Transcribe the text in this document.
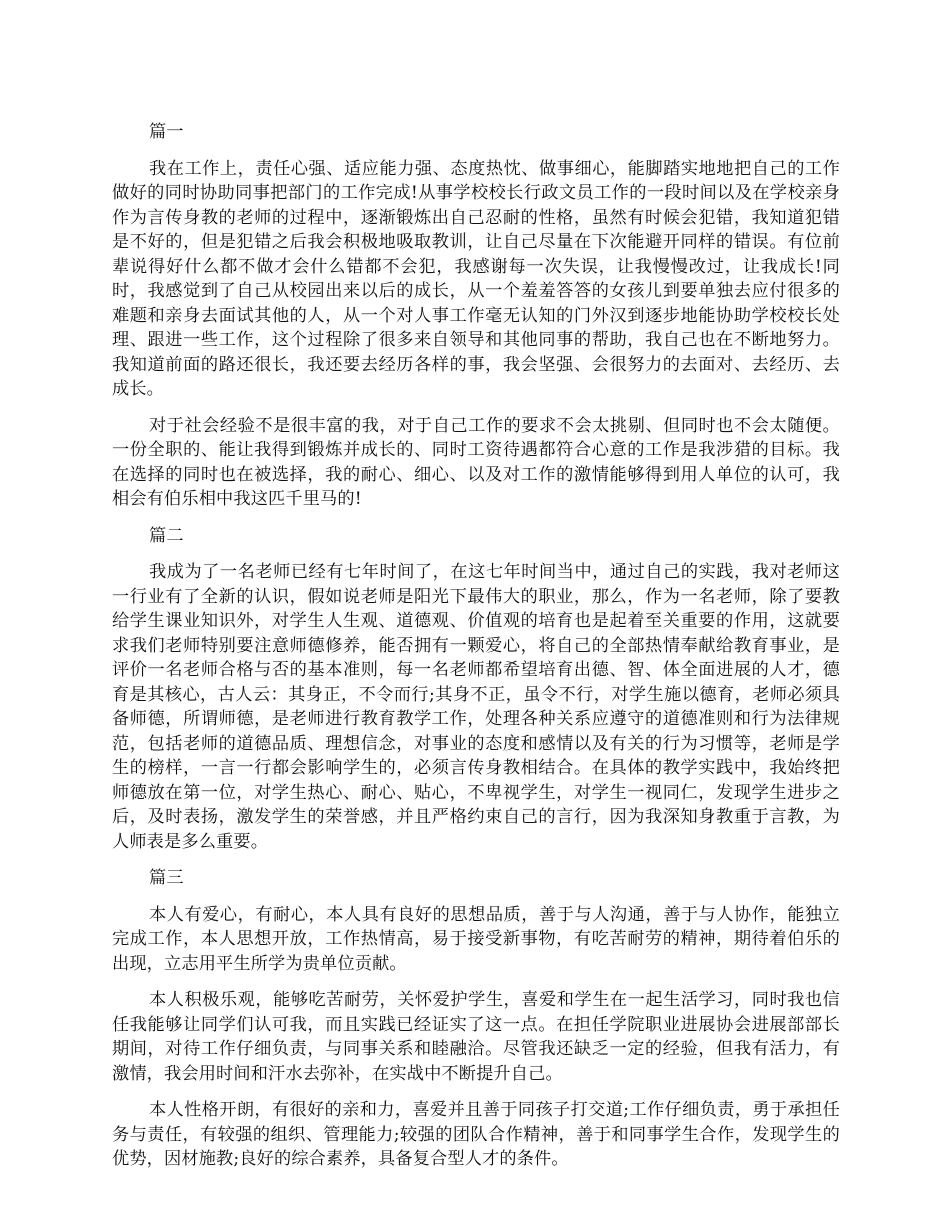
篇一

我在工作上，责任心强、适应能力强、态度热忱、做事细心，能脚踏实地地把自己的工作做好的同时协助同事把部门的工作完成!从事学校校长行政文员工作的一段时间以及在学校亲身作为言传身教的老师的过程中，逐渐锻炼出自己忍耐的性格，虽然有时候会犯错，我知道犯错是不好的，但是犯错之后我会积极地吸取教训，让自己尽量在下次能避开同样的错误。有位前辈说得好什么都不做才会什么错都不会犯，我感谢每一次失误，让我慢慢改过，让我成长!同时，我感觉到了自己从校园出来以后的成长，从一个羞羞答答的女孩儿到要单独去应付很多的难题和亲身去面试其他的人，从一个对人事工作毫无认知的门外汉到逐步地能协助学校校长处理、跟进一些工作，这个过程除了很多来自领导和其他同事的帮助，我自己也在不断地努力。 我知道前面的路还很长，我还要去经历各样的事，我会坚强、会很努力的去面对、去经历、去成长。

对于社会经验不是很丰富的我，对于自己工作的要求不会太挑剔、但同时也不会太随便。一份全职的、能让我得到锻炼并成长的、同时工资待遇都符合心意的工作是我涉猎的目标。我在选择的同时也在被选择，我的耐心、细心、以及对工作的激情能够得到用人单位的认可，我相会有伯乐相中我这匹千里马的!

篇二

我成为了一名老师已经有七年时间了，在这七年时间当中，通过自己的实践，我对老师这一行业有了全新的认识，假如说老师是阳光下最伟大的职业，那么，作为一名老师，除了要教给学生课业知识外，对学生人生观、道德观、价值观的培育也是起着至关重要的作用，这就要求我们老师特别要注意师德修养，能否拥有一颗爱心，将自己的全部热情奉献给教育事业，是评价一名老师合格与否的基本准则，每一名老师都希望培育出德、智、体全面进展的人才，德育是其核心，古人云：其身正，不令而行;其身不正，虽令不行，对学生施以德育，老师必须具备师德，所谓师德，是老师进行教育教学工作，处理各种关系应遵守的道德准则和行为法律规范，包括老师的道德品质、理想信念，对事业的态度和感情以及有关的行为习惯等，老师是学生的榜样，一言一行都会影响学生的，必须言传身教相结合。在具体的教学实践中，我始终把师德放在第一位，对学生热心、耐心、贴心，不卑视学生，对学生一视同仁，发现学生进步之后，及时表扬，激发学生的荣誉感，并且严格约束自己的言行，因为我深知身教重于言教，为人师表是多么重要。

篇三

本人有爱心，有耐心，本人具有良好的思想品质，善于与人沟通，善于与人协作，能独立完成工作，本人思想开放，工作热情高，易于接受新事物，有吃苦耐劳的精神，期待着伯乐的出现，立志用平生所学为贵单位贡献。

本人积极乐观，能够吃苦耐劳，关怀爱护学生，喜爱和学生在一起生活学习，同时我也信任我能够让同学们认可我，而且实践已经证实了这一点。在担任学院职业进展协会进展部部长期间，对待工作仔细负责，与同事关系和睦融洽。尽管我还缺乏一定的经验，但我有活力，有激情，我会用时间和汗水去弥补，在实战中不断提升自己。

本人性格开朗，有很好的亲和力，喜爱并且善于同孩子打交道;工作仔细负责，勇于承担任务与责任，有较强的组织、管理能力;较强的团队合作精神，善于和同事学生合作，发现学生的优势，因材施教;良好的综合素养，具备复合型人才的条件。
